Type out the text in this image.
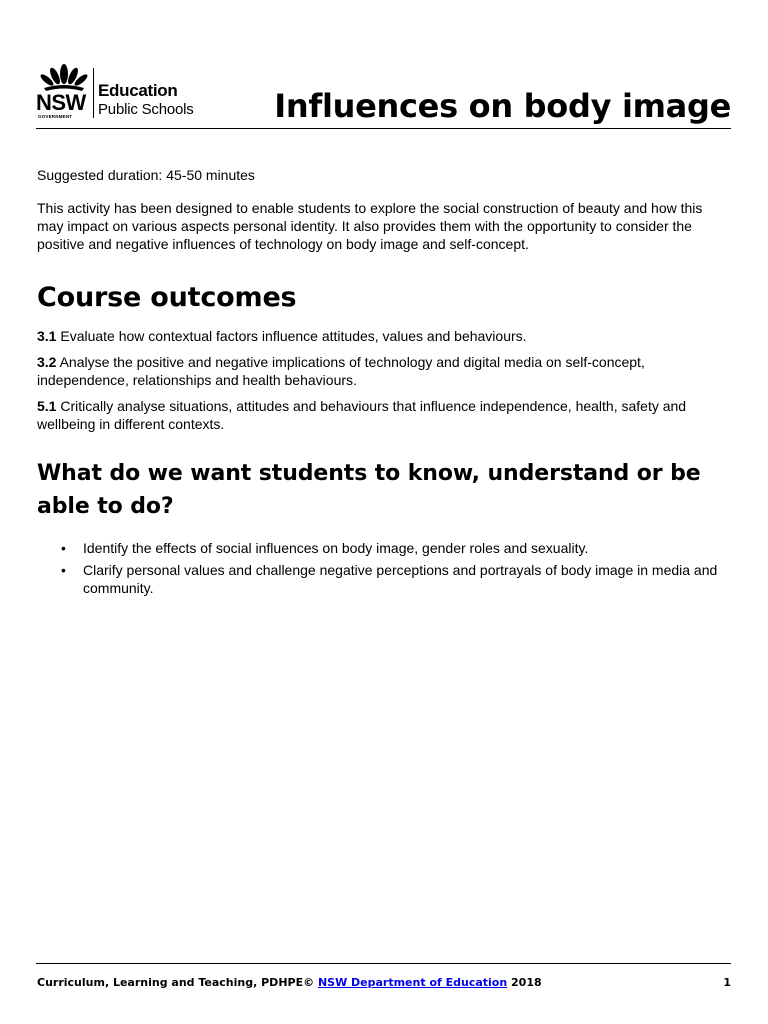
NSW
GOVERNMENT
Education
Public Schools	Influences on body image

Suggested duration: 45-50 minutes

This activity has been designed to enable students to explore the social construction of beauty and how this may impact on various aspects personal identity. It also provides them with the opportunity to consider the positive and negative influences of technology on body image and self-concept.

Course outcomes

3.1 Evaluate how contextual factors influence attitudes, values and behaviours.

3.2 Analyse the positive and negative implications of technology and digital media on self-concept, independence, relationships and health behaviours.

5.1 Critically analyse situations, attitudes and behaviours that influence independence, health, safety and wellbeing in different contexts.

What do we want students to know, understand or be able to do?
• Identify the effects of social influences on body image, gender roles and sexuality.
• Clarify personal values and challenge negative perceptions and portrayals of body image in media and community.
Curriculum, Learning and Teaching, PDHPE© NSW Department of Education 2018	1
